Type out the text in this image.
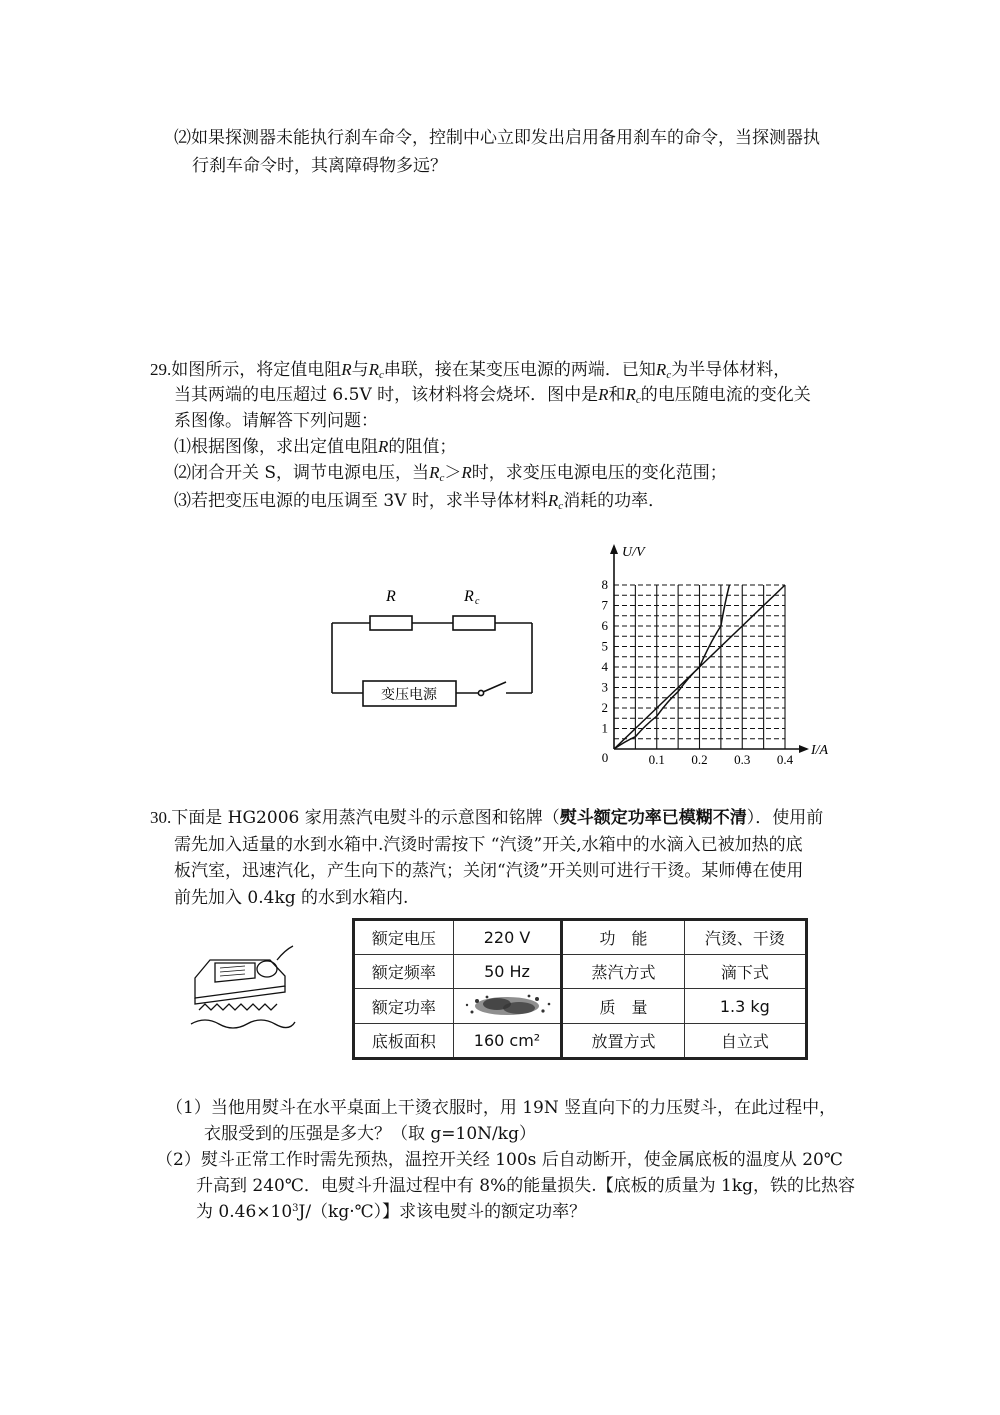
⑵如果探测器未能执行刹车命令，控制中心立即发出启用备用刹车的命令，当探测器执
行刹车命令时，其离障碍物多远？
29.如图所示，将定值电阻R与$R_c$串联，接在某变压电源的两端．已知$R_c$为半导体材料，
当其两端的电压超过 6.5V 时，该材料将会烧坏．图中是R和$R_c$的电压随电流的变化关
系图像。请解答下列问题：
⑴根据图像，求出定值电阻R的阻值；
⑵闭合开关 S，调节电源电压，当$R_c>R$时，求变压电源电压的变化范围；
⑶若把变压电源的电压调至 3V 时，求半导体材料$R_c$消耗的功率．
R	R c
变压电源
0.1 0.2 0.3 0.4
1
2
3
4
5
6
7
8
0
U/V
I/A
30.下面是 HG2006 家用蒸汽电熨斗的示意图和铭牌（熨斗额定功率已模糊不清）．使用前
需先加入适量的水到水箱中.汽烫时需按下 “汽烫”开关,水箱中的水滴入已被加热的底
板汽室，迅速汽化，产生向下的蒸汽；关闭“汽烫”开关则可进行干烫。某师傅在使用
前先加入 0.4kg 的水到水箱内.
额定电压	220 V	功　能	汽烫、干烫
额定频率	50 Hz	蒸汽方式	滴下式
额定功率		质　量	1.3 kg
底板面积	160 cm²	放置方式	自立式
（1）当他用熨斗在水平桌面上干烫衣服时，用 19N 竖直向下的力压熨斗，在此过程中，
衣服受到的压强是多大？（取 g=10N/kg）
（2）熨斗正常工作时需先预热，温控开关经 100s 后自动断开，使金属底板的温度从 20℃
升高到 240℃．电熨斗升温过程中有 8%的能量损失.【底板的质量为 1kg，铁的比热容
为 $0.46\times 10^3J/(kg\cdot℃)$】求该电熨斗的额定功率？
